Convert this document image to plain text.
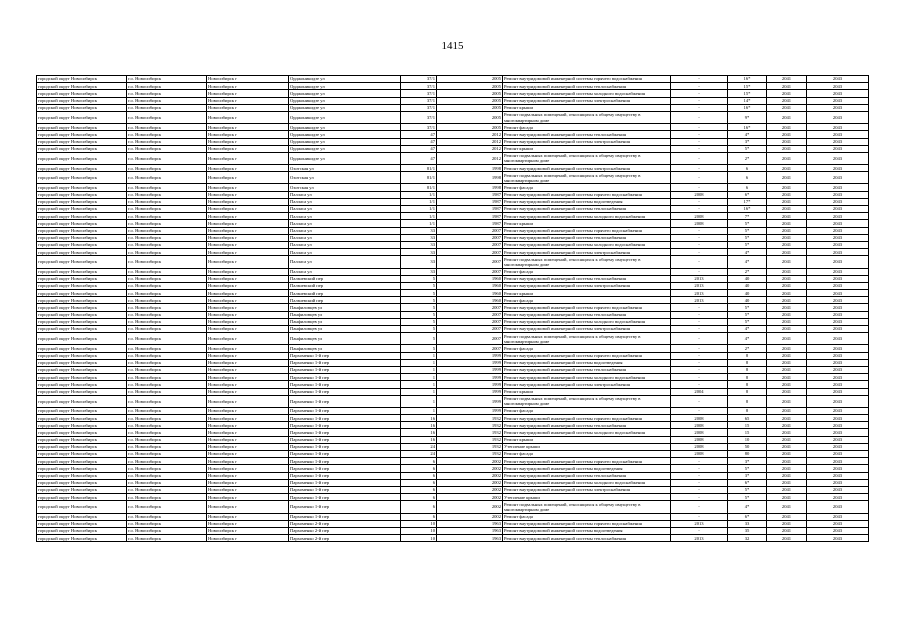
1415
городской округ Новосибирск	г.о. Новосибирск	Новосибирск г	Орджоникидзе ул	37/1	2005	Ремонт внутридомовой инженерной системы горячего водоснабжения	-	16*	2041	2043
городской округ Новосибирск	г.о. Новосибирск	Новосибирск г	Орджоникидзе ул	37/1	2005	Ремонт внутридомовой инженерной системы теплоснабжения	-	15*	2041	2043
городской округ Новосибирск	г.о. Новосибирск	Новосибирск г	Орджоникидзе ул	37/1	2005	Ремонт внутридомовой инженерной системы холодного водоснабжения	-	15*	2041	2043
городской округ Новосибирск	г.о. Новосибирск	Новосибирск г	Орджоникидзе ул	37/1	2005	Ремонт внутридомовой инженерной системы электроснабжения	-	14*	2041	2043
городской округ Новосибирск	г.о. Новосибирск	Новосибирск г	Орджоникидзе ул	37/1	2005	Ремонт крыши	-	16*	2041	2043
городской округ Новосибирск	г.о. Новосибирск	Новосибирск г	Орджоникидзе ул	37/1	2005	Ремонт подвальных помещений, относящихся к общему имуществу в многоквартирном доме	-	9*	2041	2043
городской округ Новосибирск	г.о. Новосибирск	Новосибирск г	Орджоникидзе ул	37/1	2005	Ремонт фасада	-	16*	2041	2043
городской округ Новосибирск	г.о. Новосибирск	Новосибирск г	Орджоникидзе ул	47	2012	Ремонт внутридомовой инженерной системы теплоснабжения	-	4*	2041	2043
городской округ Новосибирск	г.о. Новосибирск	Новосибирск г	Орджоникидзе ул	47	2012	Ремонт внутридомовой инженерной системы электроснабжения	-	3*	2041	2043
городской округ Новосибирск	г.о. Новосибирск	Новосибирск г	Орджоникидзе ул	47	2012	Ремонт крыши	-	5*	2041	2043
городской округ Новосибирск	г.о. Новосибирск	Новосибирск г	Орджоникидзе ул	47	2012	Ремонт подвальных помещений, относящихся к общему имуществу в многоквартирном доме	-	2*	2041	2043
городской округ Новосибирск	г.о. Новосибирск	Новосибирск г	Охотская ул	81/1	1998	Ремонт внутридомовой инженерной системы электроснабжения	-	6	2041	2043
городской округ Новосибирск	г.о. Новосибирск	Новосибирск г	Охотская ул	81/1	1998	Ремонт подвальных помещений, относящихся к общему имуществу в многоквартирном доме	-	6	2041	2043
городской округ Новосибирск	г.о. Новосибирск	Новосибирск г	Охотская ул	81/1	1998	Ремонт фасада	-	6	2041	2043
городской округ Новосибирск	г.о. Новосибирск	Новосибирск г	Палласа ул	1/1	1987	Ремонт внутридомовой инженерной системы горячего водоснабжения	2008	6*	2041	2043
городской округ Новосибирск	г.о. Новосибирск	Новосибирск г	Палласа ул	1/1	1987	Ремонт внутридомовой инженерной системы водоотведения	-	17*	2041	2043
городской округ Новосибирск	г.о. Новосибирск	Новосибирск г	Палласа ул	1/1	1987	Ремонт внутридомовой инженерной системы теплоснабжения	-	16*	2041	2043
городской округ Новосибирск	г.о. Новосибирск	Новосибирск г	Палласа ул	1/1	1987	Ремонт внутридомовой инженерной системы холодного водоснабжения	2008	7*	2041	2043
городской округ Новосибирск	г.о. Новосибирск	Новосибирск г	Палласа ул	1/1	1987	Ремонт крыши	2008	5*	2041	2043
городской округ Новосибирск	г.о. Новосибирск	Новосибирск г	Палласа ул	33	2007	Ремонт внутридомовой инженерной системы горячего водоснабжения	-	5*	2041	2043
городской округ Новосибирск	г.о. Новосибирск	Новосибирск г	Палласа ул	33	2007	Ремонт внутридомовой инженерной системы теплоснабжения	-	5*	2041	2043
городской округ Новосибирск	г.о. Новосибирск	Новосибирск г	Палласа ул	33	2007	Ремонт внутридомовой инженерной системы холодного водоснабжения	-	5*	2041	2043
городской округ Новосибирск	г.о. Новосибирск	Новосибирск г	Палласа ул	33	2007	Ремонт внутридомовой инженерной системы электроснабжения	-	4*	2041	2043
городской округ Новосибирск	г.о. Новосибирск	Новосибирск г	Палласа ул	33	2007	Ремонт подвальных помещений, относящихся к общему имуществу в многоквартирном доме	-	4*	2041	2043
городской округ Новосибирск	г.о. Новосибирск	Новосибирск г	Палласа ул	33	2007	Ремонт фасада	-	2*	2041	2043
городской округ Новосибирск	г.о. Новосибирск	Новосибирск г	Пальчевский пер	5	1960	Ремонт внутридомовой инженерной системы теплоснабжения	2013	40	2041	2043
городской округ Новосибирск	г.о. Новосибирск	Новосибирск г	Пальчевский пер	5	1960	Ремонт внутридомовой инженерной системы электроснабжения	2013	40	2041	2043
городской округ Новосибирск	г.о. Новосибирск	Новосибирск г	Пальчевский пер	5	1960	Ремонт крыши	2013	40	2041	2043
городской округ Новосибирск	г.о. Новосибирск	Новосибирск г	Пальчевский пер	5	1960	Ремонт фасада	2013	40	2041	2043
городской округ Новосибирск	г.о. Новосибирск	Новосибирск г	Панфиловцев ул	5	2007	Ремонт внутридомовой инженерной системы горячего водоснабжения	-	5*	2041	2043
городской округ Новосибирск	г.о. Новосибирск	Новосибирск г	Панфиловцев ул	5	2007	Ремонт внутридомовой инженерной системы теплоснабжения	-	5*	2041	2043
городской округ Новосибирск	г.о. Новосибирск	Новосибирск г	Панфиловцев ул	5	2007	Ремонт внутридомовой инженерной системы холодного водоснабжения	-	5*	2041	2043
городской округ Новосибирск	г.о. Новосибирск	Новосибирск г	Панфиловцев ул	5	2007	Ремонт внутридомовой инженерной системы электроснабжения	-	4*	2041	2043
городской округ Новосибирск	г.о. Новосибирск	Новосибирск г	Панфиловцев ул	5	2007	Ремонт подвальных помещений, относящихся к общему имуществу в многоквартирном доме	-	4*	2041	2043
городской округ Новосибирск	г.о. Новосибирск	Новосибирск г	Панфиловцев ул	5	2007	Ремонт фасада	-	2*	2041	2043
городской округ Новосибирск	г.о. Новосибирск	Новосибирск г	Пархоменко 1-й пер	1	1999	Ремонт внутридомовой инженерной системы горячего водоснабжения	-	8	2041	2043
городской округ Новосибирск	г.о. Новосибирск	Новосибирск г	Пархоменко 1-й пер	1	1999	Ремонт внутридомовой инженерной системы водоотведения	-	8	2041	2043
городской округ Новосибирск	г.о. Новосибирск	Новосибирск г	Пархоменко 1-й пер	1	1999	Ремонт внутридомовой инженерной системы теплоснабжения	-	8	2041	2043
городской округ Новосибирск	г.о. Новосибирск	Новосибирск г	Пархоменко 1-й пер	1	1999	Ремонт внутридомовой инженерной системы холодного водоснабжения	-	8	2041	2043
городской округ Новосибирск	г.о. Новосибирск	Новосибирск г	Пархоменко 1-й пер	1	1999	Ремонт внутридомовой инженерной системы электроснабжения	-	8	2041	2043
городской округ Новосибирск	г.о. Новосибирск	Новосибирск г	Пархоменко 1-й пер	1	1999	Ремонт крыши	2004	8	2041	2043
городской округ Новосибирск	г.о. Новосибирск	Новосибирск г	Пархоменко 1-й пер	1	1999	Ремонт подвальных помещений, относящихся к общему имуществу в многоквартирном доме	-	8	2041	2043
городской округ Новосибирск	г.о. Новосибирск	Новосибирск г	Пархоменко 1-й пер	1	1999	Ремонт фасада	-	8	2041	2043
городской округ Новосибирск	г.о. Новосибирск	Новосибирск г	Пархоменко 1-й пер	16	1932	Ремонт внутридомовой инженерной системы горячего водоснабжения	2008	65	2041	2043
городской округ Новосибирск	г.о. Новосибирск	Новосибирск г	Пархоменко 1-й пер	16	1932	Ремонт внутридомовой инженерной системы теплоснабжения	2008	15	2041	2043
городской округ Новосибирск	г.о. Новосибирск	Новосибирск г	Пархоменко 1-й пер	16	1932	Ремонт внутридомовой инженерной системы холодного водоснабжения	2008	15	2041	2043
городской округ Новосибирск	г.о. Новосибирск	Новосибирск г	Пархоменко 1-й пер	16	1932	Ремонт крыши	2008	10	2041	2043
городской округ Новосибирск	г.о. Новосибирск	Новосибирск г	Пархоменко 1-й пер	24	1932	Утепление крыши	2008	50	2041	2043
городской округ Новосибирск	г.о. Новосибирск	Новосибирск г	Пархоменко 1-й пер	24	1932	Ремонт фасада	2008	80	2041	2043
городской округ Новосибирск	г.о. Новосибирск	Новосибирск г	Пархоменко 1-й пер	6	2002	Ремонт внутридомовой инженерной системы горячего водоснабжения	-	3*	2041	2043
городской округ Новосибирск	г.о. Новосибирск	Новосибирск г	Пархоменко 1-й пер	6	2002	Ремонт внутридомовой инженерной системы водоотведения	-	5*	2041	2043
городской округ Новосибирск	г.о. Новосибирск	Новосибирск г	Пархоменко 1-й пер	6	2002	Ремонт внутридомовой инженерной системы теплоснабжения	-	3*	2041	2043
городской округ Новосибирск	г.о. Новосибирск	Новосибирск г	Пархоменко 1-й пер	6	2002	Ремонт внутридомовой инженерной системы холодного водоснабжения	-	6*	2041	2043
городской округ Новосибирск	г.о. Новосибирск	Новосибирск г	Пархоменко 1-й пер	6	2002	Ремонт внутридомовой инженерной системы электроснабжения	-	5*	2041	2043
городской округ Новосибирск	г.о. Новосибирск	Новосибирск г	Пархоменко 1-й пер	6	2002	Утепление крыши	-	5*	2041	2043
городской округ Новосибирск	г.о. Новосибирск	Новосибирск г	Пархоменко 1-й пер	6	2002	Ремонт подвальных помещений, относящихся к общему имуществу в многоквартирном доме	-	4*	2041	2043
городской округ Новосибирск	г.о. Новосибирск	Новосибирск г	Пархоменко 1-й пер	6	2002	Ремонт фасада	-	6*	2041	2043
городской округ Новосибирск	г.о. Новосибирск	Новосибирск г	Пархоменко 2-й пер	10	1963	Ремонт внутридомовой инженерной системы горячего водоснабжения	2013	33	2041	2043
городской округ Новосибирск	г.о. Новосибирск	Новосибирск г	Пархоменко 2-й пер	10	1963	Ремонт внутридомовой инженерной системы водоотведения	-	35	2041	2043
городской округ Новосибирск	г.о. Новосибирск	Новосибирск г	Пархоменко 2-й пер	10	1963	Ремонт внутридомовой инженерной системы теплоснабжения	2013	32	2041	2043
